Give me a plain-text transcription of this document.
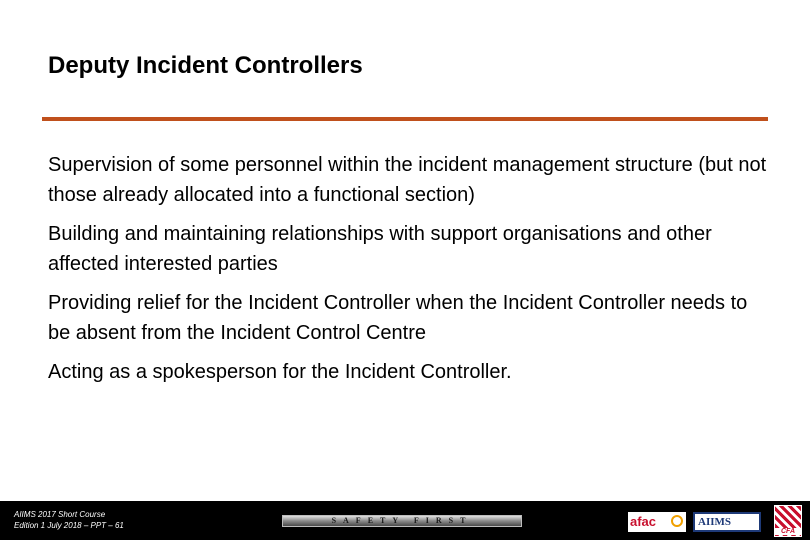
Deputy Incident Controllers
Supervision of some personnel within the incident management structure (but not those already allocated into a functional section)
Building and maintaining relationships with support organisations and other affected interested parties
Providing relief for the Incident Controller when the Incident Controller needs to be absent from the Incident Control Centre
Acting as a spokesperson for the Incident Controller.
AIIMS 2017 Short Course
Edition 1 July 2018 – PPT – 61
SAFETY FIRST	afac	AIIMS
CFA
